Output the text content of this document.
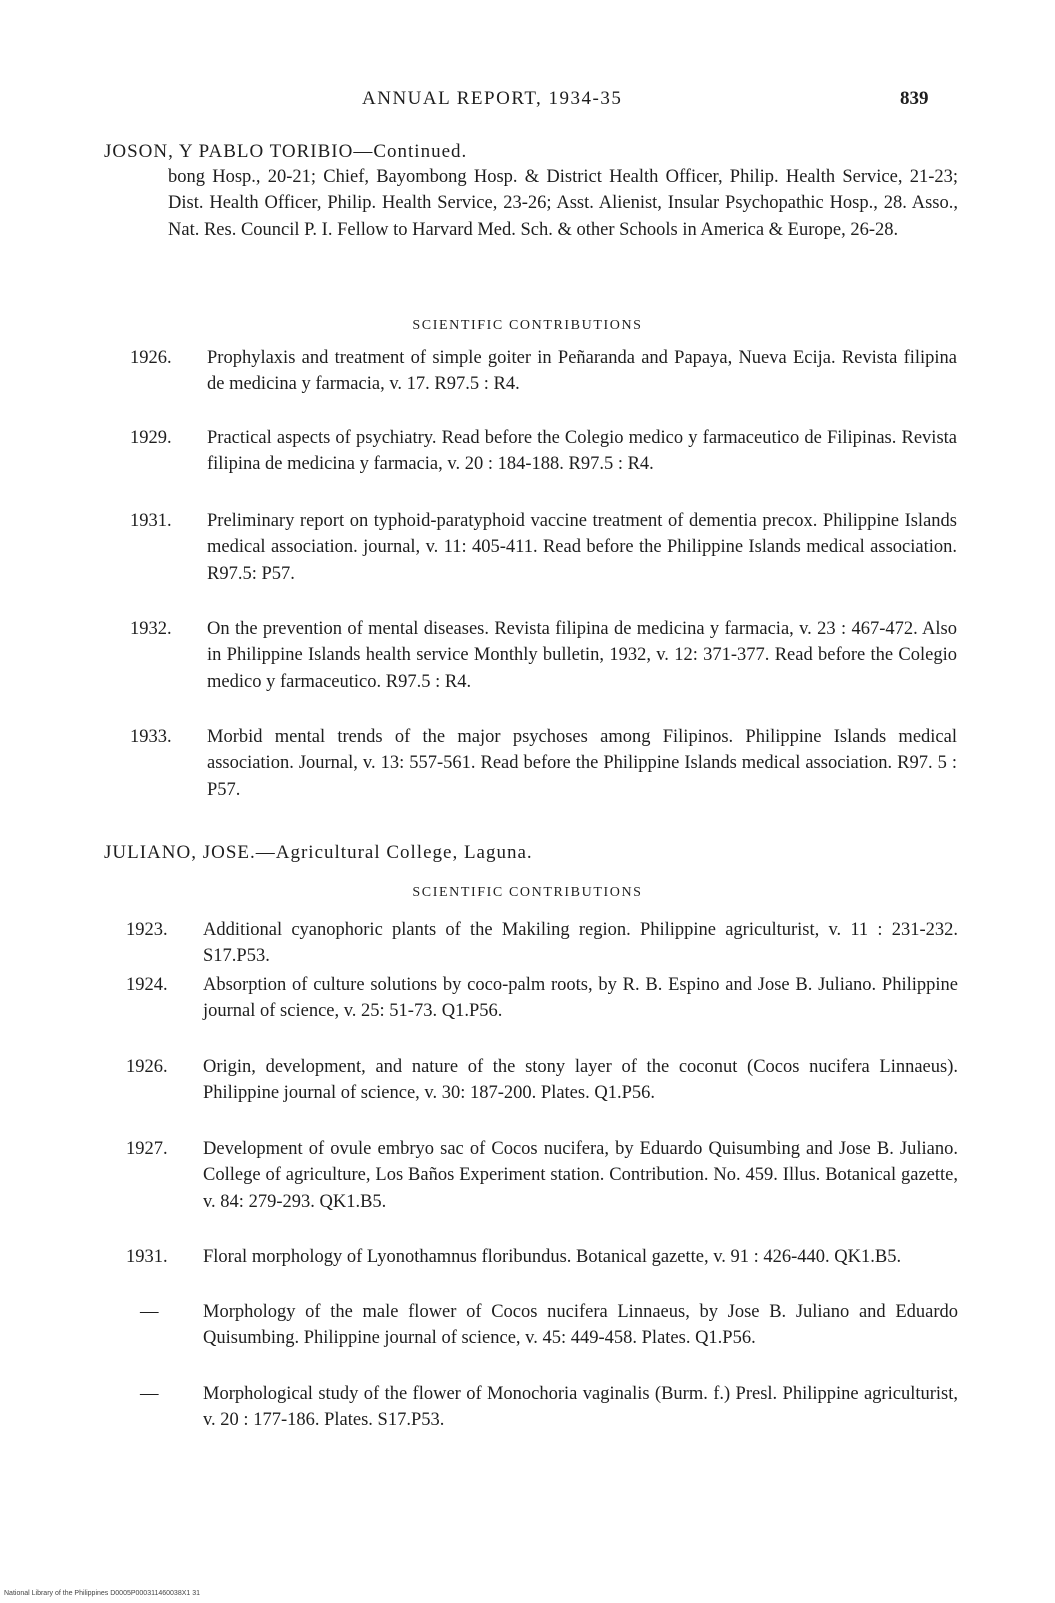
ANNUAL REPORT, 1934-35	839
JOSON, Y PABLO TORIBIO—Continued.
bong Hosp., 20-21; Chief, Bayombong Hosp. & District Health Officer, Philip. Health Service, 21-23; Dist. Health Officer, Philip. Health Service, 23-26; Asst. Alienist, Insular Psychopathic Hosp., 28. Asso., Nat. Res. Council P. I. Fellow to Harvard Med. Sch. & other Schools in America & Europe, 26-28.
SCIENTIFIC CONTRIBUTIONS
1926. Prophylaxis and treatment of simple goiter in Peñaranda and Papaya, Nueva Ecija. Revista filipina de medicina y farmacia, v. 17. R97.5 : R4.
1929. Practical aspects of psychiatry. Read before the Colegio medico y farmaceutico de Filipinas. Revista filipina de medicina y farmacia, v. 20 : 184-188. R97.5 : R4.
1931. Preliminary report on typhoid-paratyphoid vaccine treatment of dementia precox. Philippine Islands medical association. journal, v. 11: 405-411. Read before the Philippine Islands medical association. R97.5: P57.
1932. On the prevention of mental diseases. Revista filipina de medicina y farmacia, v. 23 : 467-472. Also in Philippine Islands health service Monthly bulletin, 1932, v. 12: 371-377. Read before the Colegio medico y farmaceutico. R97.5 : R4.
1933. Morbid mental trends of the major psychoses among Filipinos. Philippine Islands medical association. Journal, v. 13: 557-561. Read before the Philippine Islands medical association. R97. 5 : P57.
JULIANO, JOSE.—Agricultural College, Laguna.
SCIENTIFIC CONTRIBUTIONS
1923. Additional cyanophoric plants of the Makiling region. Philippine agriculturist, v. 11 : 231-232. S17.P53.
1924. Absorption of culture solutions by coco-palm roots, by R. B. Espino and Jose B. Juliano. Philippine journal of science, v. 25: 51-73. Q1.P56.
1926. Origin, development, and nature of the stony layer of the coconut (Cocos nucifera Linnaeus). Philippine journal of science, v. 30: 187-200. Plates. Q1.P56.
1927. Development of ovule embryo sac of Cocos nucifera, by Eduardo Quisumbing and Jose B. Juliano. College of agriculture, Los Baños Experiment station. Contribution. No. 459. Illus. Botanical gazette, v. 84: 279-293. QK1.B5.
1931. Floral morphology of Lyonothamnus floribundus. Botanical gazette, v. 91 : 426-440. QK1.B5.
— Morphology of the male flower of Cocos nucifera Linnaeus, by Jose B. Juliano and Eduardo Quisumbing. Philippine journal of science, v. 45: 449-458. Plates. Q1.P56.
— Morphological study of the flower of Monochoria vaginalis (Burm. f.) Presl. Philippine agriculturist, v. 20 : 177-186. Plates. S17.P53.
National Library of the Philippines D0005P000311460038X1 31
